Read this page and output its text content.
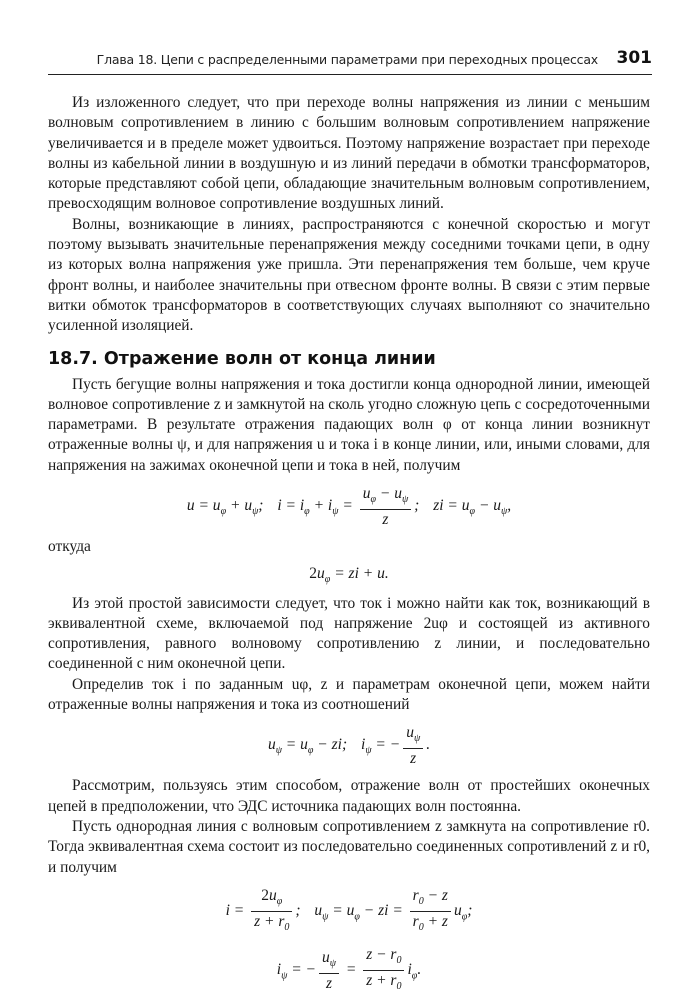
Глава 18. Цепи с распределенными параметрами при переходных процессах 301

Из изложенного следует, что при переходе волны напряжения из линии с меньшим волновым сопротивлением в линию с большим волновым сопротивлением напряжение увеличивается и в пределе может удвоиться. Поэтому напряжение возрастает при переходе волны из кабельной линии в воздушную и из линий передачи в обмотки трансформаторов, которые представляют собой цепи, обладающие значительным волновым сопротивлением, превосходящим волновое сопротивление воздушных линий.

Волны, возникающие в линиях, распространяются с конечной скоростью и могут поэтому вызывать значительные перенапряжения между соседними точками цепи, в одну из которых волна напряжения уже пришла. Эти перенапряжения тем больше, чем круче фронт волны, и наиболее значительны при отвесном фронте волны. В связи с этим первые витки обмоток трансформаторов в соответствующих случаях выполняют со значительно усиленной изоляцией.

18.7. Отражение волн от конца линии

Пусть бегущие волны напряжения и тока достигли конца однородной линии, имеющей волновое сопротивление z и замкнутой на сколь угодно сложную цепь с сосредоточенными параметрами. В результате отражения падающих волн φ от конца линии возникнут отраженные волны ψ, и для напряжения u и тока i в конце линии, или, иными словами, для напряжения на зажимах оконечной цепи и тока в ней, получим

$u = u_\varphi + u_\psi$; $i = i_\varphi + i_\psi = \frac{u_\varphi - u_\psi}{z}$ ; zi = $u_\varphi - u_\psi$,

откуда

$2u_\varphi$ = zi + u.

Из этой простой зависимости следует, что ток i можно найти как ток, возникающий в эквивалентной схеме, включаемой под напряжение 2uφ и состоящей из активного сопротивления, равного волновому сопротивлению z линии, и последовательно соединенной с ним оконечной цепи.

Определив ток i по заданным uφ, z и параметрам оконечной цепи, можем найти отраженные волны напряжения и тока из соотношений

$u_\psi = u_\varphi$ − zi; $i_\psi$ = − $\frac{u_\psi}{z}$ .

Рассмотрим, пользуясь этим способом, отражение волн от простейших оконечных цепей в предположении, что ЭДС источника падающих волн постоянна.

Пусть однородная линия с волновым сопротивлением z замкнута на сопротивление r0. Тогда эквивалентная схема состоит из последовательно соединенных сопротивлений z и r0, и получим

$i = \frac{2u_\varphi}{z + r_0}$ ; $u_\psi = u_\varphi$ − zi = $\frac{r_0 - z}{r_0 + z} u_\varphi$;
$i_\psi$ = − $\frac{u_\psi}{z} = \frac{z - r_0}{z + r_0} i_\varphi$.
